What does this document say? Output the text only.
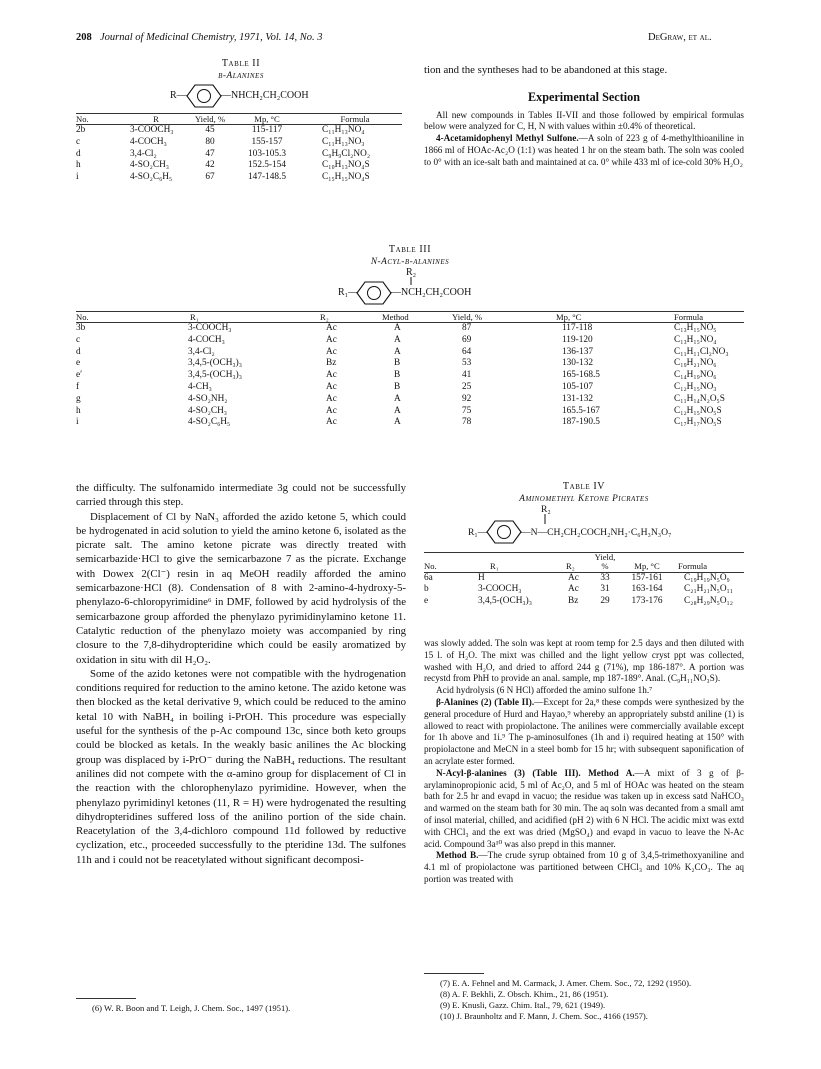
208 Journal of Medicinal Chemistry, 1971, Vol. 14, No. 3	DeGraw, et al.
Table II
β-Alanines
R—	—NHCH₂CH₂COOH
No.	R	Yield, %	Mp, °C	Formula
2b	3-COOCH₃	45	115-117	C₁₁H₁₃NO₄
c	4-COCH₃	80	155-157	C₁₁H₁₃NO₃
d	3,4-Cl₂	47	103-105.3	C₉H₉Cl₂NO₂
h	4-SO₂CH₃	42	152.5-154	C₁₀H₁₃NO₄S
i	4-SO₂C₆H₅	67	147-148.5	C₁₅H₁₅NO₄S

tion and the syntheses had to be abandoned at this stage.

Experimental Section

All new compounds in Tables II-VII and those followed by empirical formulas below were analyzed for C, H, N with values within ±0.4% of theoretical.

4-Acetamidophenyl Methyl Sulfone.—A soln of 223 g of 4-methylthioaniline in 1866 ml of HOAc-Ac₂O (1:1) was heated 1 hr on the steam bath. The soln was cooled to 0° with an ice-salt bath and maintained at ca. 0° while 433 ml of ice-cold 30% H₂O₂

Table III
N-Acyl-β-alanines
R₂
R₁—	—NCH₂CH₂COOH
No.	R₁	R₂	Method	Yield, %	Mp, °C	Formula
3b	3-COOCH₃	Ac	A	87	117-118	C₁₃H₁₅NO₅
c	4-COCH₃	Ac	A	69	119-120	C₁₃H₁₅NO₄
d	3,4-Cl₂	Ac	A	64	136-137	C₁₁H₁₁Cl₂NO₃
e	3,4,5-(OCH₃)₃	Bz	B	53	130-132	C₁₉H₂₁NO₆
e′	3,4,5-(OCH₃)₃	Ac	B	41	165-168.5	C₁₄H₁₉NO₆
f	4-CH₃	Ac	B	25	105-107	C₁₂H₁₅NO₃
g	4-SO₂NH₂	Ac	A	92	131-132	C₁₁H₁₄N₂O₅S
h	4-SO₂CH₃	Ac	A	75	165.5-167	C₁₂H₁₅NO₅S
i	4-SO₂C₆H₅	Ac	A	78	187-190.5	C₁₇H₁₇NO₅S

the difficulty. The sulfonamido intermediate 3g could not be successfully carried through this step.

Displacement of Cl by NaN₃ afforded the azido ketone 5, which could be hydrogenated in acid solution to yield the amino ketone 6, isolated as the picrate salt. The amino ketone picrate was directly treated with semicarbazide·HCl to give the semicarbazone 7 as the picrate. Exchange with Dowex 2(Cl⁻) resin in aq MeOH readily afforded the amino semicarbazone·HCl (8). Condensation of 8 with 2-amino-4-hydroxy-5-phenylazo-6-chloropyrimidine⁶ in DMF, followed by acid hydrolysis of the semicarbazone group afforded the phenylazo pyrimidinylamino ketone 11. Catalytic reduction of the phenylazo moiety was accompanied by ring closure to the 7,8-dihydropteridine which could be easily aromatized by oxidation in situ with dil H₂O₂.

Some of the azido ketones were not compatible with the hydrogenation conditions required for reduction to the amino ketone. The azido ketone was then blocked as the ketal derivative 9, which could be reduced to the amino ketal 10 with NaBH₄ in boiling i-PrOH. This procedure was especially useful for the synthesis of the p-Ac compound 13c, since both keto groups could be blocked as ketals. In the weakly basic anilines the Ac blocking group was displaced by i-PrO⁻ during the NaBH₄ reductions. The resultant anilines did not compete with the α-amino group for displacement of Cl in the reaction with the chlorophenylazo pyrimidine. However, when the phenylazo pyrimidinyl ketones (11, R = H) were hydrogenated the resulting dihydropteridines suffered loss of the anilino portion of the side chain. Reacetylation of the 3,4-dichloro compound 11d followed by reductive cyclization, etc., proceeded successfully to the pteridine 13d. The sulfones 11h and i could not be reacetylated without significant decomposi-

(6) W. R. Boon and T. Leigh, J. Chem. Soc., 1497 (1951).
Table IV
Aminomethyl Ketone Picrates
R₂
R₁—	—N—CH₂CH₂COCH₂NH₂·C₆H₃N₃O₇
No.	R₁	R₂	Yield, %	Mp, °C	Formula
6a	H	Ac	33	157-161	C₁₉H₁₉N₅O₉
b	3-COOCH₃	Ac	31	163-164	C₂₁H₂₁N₅O₁₁
e	3,4,5-(OCH₃)₃	Bz	29	173-176	C₂₈H₂₉N₅O₁₂

was slowly added. The soln was kept at room temp for 2.5 days and then diluted with 15 l. of H₂O. The mixt was chilled and the light yellow cryst ppt was collected, washed with H₂O, and dried to afford 244 g (71%), mp 186-187°. A portion was recystd from PhH to provide an anal. sample, mp 187-189°. Anal. (C₉H₁₁NO₃S).

Acid hydrolysis (6 N HCl) afforded the amino sulfone 1h.⁷

β-Alanines (2) (Table II).—Except for 2a,⁸ these compds were synthesized by the general procedure of Hurd and Hayao,⁹ whereby an appropriately substd aniline (1) is allowed to react with propiolactone. The anilines were commercially available except for 1h above and 1i.⁹ The p-aminosulfones (1h and i) required heating at 150° with propiolactone and MeCN in a steel bomb for 15 hr; with subsequent saponification of an acrylate ester formed.

N-Acyl-β-alanines (3) (Table III). Method A.—A mixt of 3 g of β-arylaminopropionic acid, 5 ml of Ac₂O, and 5 ml of HOAc was heated on the steam bath for 2.5 hr and evapd in vacuo; the residue was taken up in excess satd NaHCO₃ and warmed on the steam bath for 30 min. The aq soln was decanted from a small amt of insol material, chilled, and acidified (pH 2) with 6 N HCl. The acidic mixt was extd with CHCl₃ and the ext was dried (MgSO₄) and evapd in vacuo to leave the N-Ac acid. Compound 3a¹⁰ was also prepd in this manner.

Method B.—The crude syrup obtained from 10 g of 3,4,5-trimethoxyaniline and 4.1 ml of propiolactone was partitioned between CHCl₃ and 10% K₂CO₃. The aq portion was treated with

(7) E. A. Fehnel and M. Carmack, J. Amer. Chem. Soc., 72, 1292 (1950).
(8) A. F. Bekhli, Z. Obsch. Khim., 21, 86 (1951).
(9) E. Knusli, Gazz. Chim. Ital., 79, 621 (1949).
(10) J. Braunholtz and F. Mann, J. Chem. Soc., 4166 (1957).
